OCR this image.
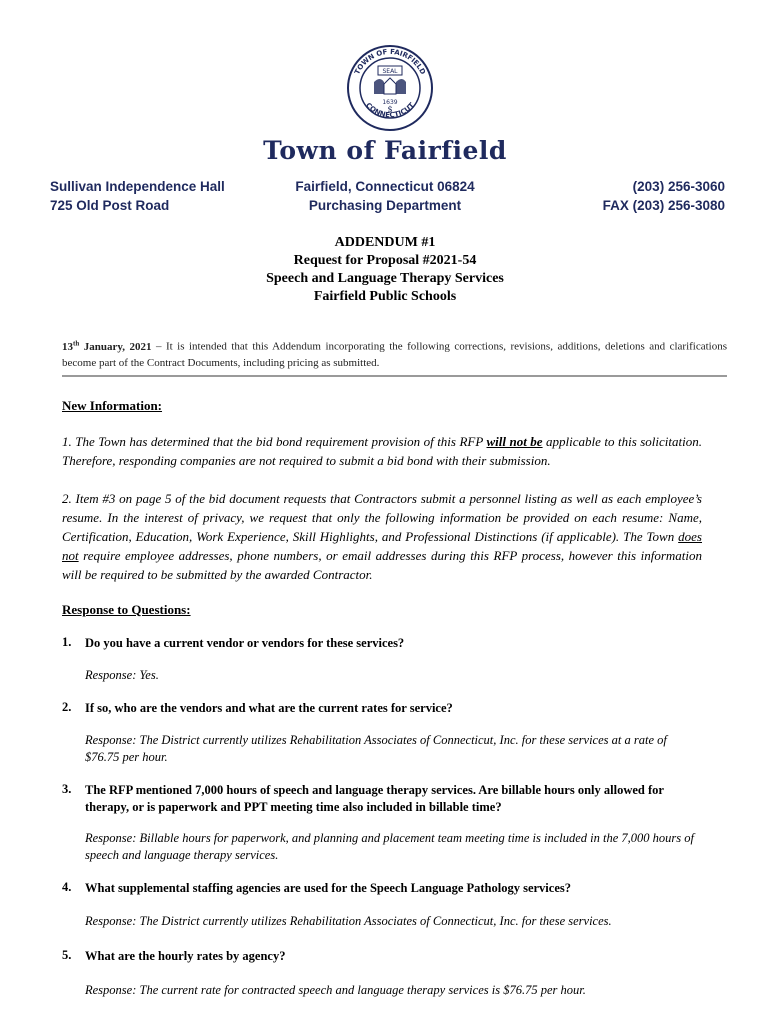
TOWN OF FAIRFIELD
CONNECTICUT
SEAL
1639
$
Town of Fairfield
Sullivan Independence Hall
725 Old Post Road
Fairfield, Connecticut 06824
Purchasing Department
(203) 256-3060
FAX (203) 256-3080
ADDENDUM #1
Request for Proposal #2021-54
Speech and Language Therapy Services
Fairfield Public Schools
13th January, 2021 – It is intended that this Addendum incorporating the following corrections, revisions, additions, deletions and clarifications become part of the Contract Documents, including pricing as submitted.
New Information:
1. The Town has determined that the bid bond requirement provision of this RFP will not be applicable to this solicitation. Therefore, responding companies are not required to submit a bid bond with their submission.
2. Item #3 on page 5 of the bid document requests that Contractors submit a personnel listing as well as each employee’s resume. In the interest of privacy, we request that only the following information be provided on each resume: Name, Certification, Education, Work Experience, Skill Highlights, and Professional Distinctions (if applicable). The Town does not require employee addresses, phone numbers, or email addresses during this RFP process, however this information will be required to be submitted by the awarded Contractor.
Response to Questions:
1. Do you have a current vendor or vendors for these services?
Response: Yes.
2. If so, who are the vendors and what are the current rates for service?
Response: The District currently utilizes Rehabilitation Associates of Connecticut, Inc. for these services at a rate of $76.75 per hour.
3. The RFP mentioned 7,000 hours of speech and language therapy services. Are billable hours only allowed for therapy, or is paperwork and PPT meeting time also included in billable time?
Response: Billable hours for paperwork, and planning and placement team meeting time is included in the 7,000 hours of speech and language therapy services.
4. What supplemental staffing agencies are used for the Speech Language Pathology services?
Response: The District currently utilizes Rehabilitation Associates of Connecticut, Inc. for these services.
5. What are the hourly rates by agency?
Response: The current rate for contracted speech and language therapy services is $76.75 per hour.
